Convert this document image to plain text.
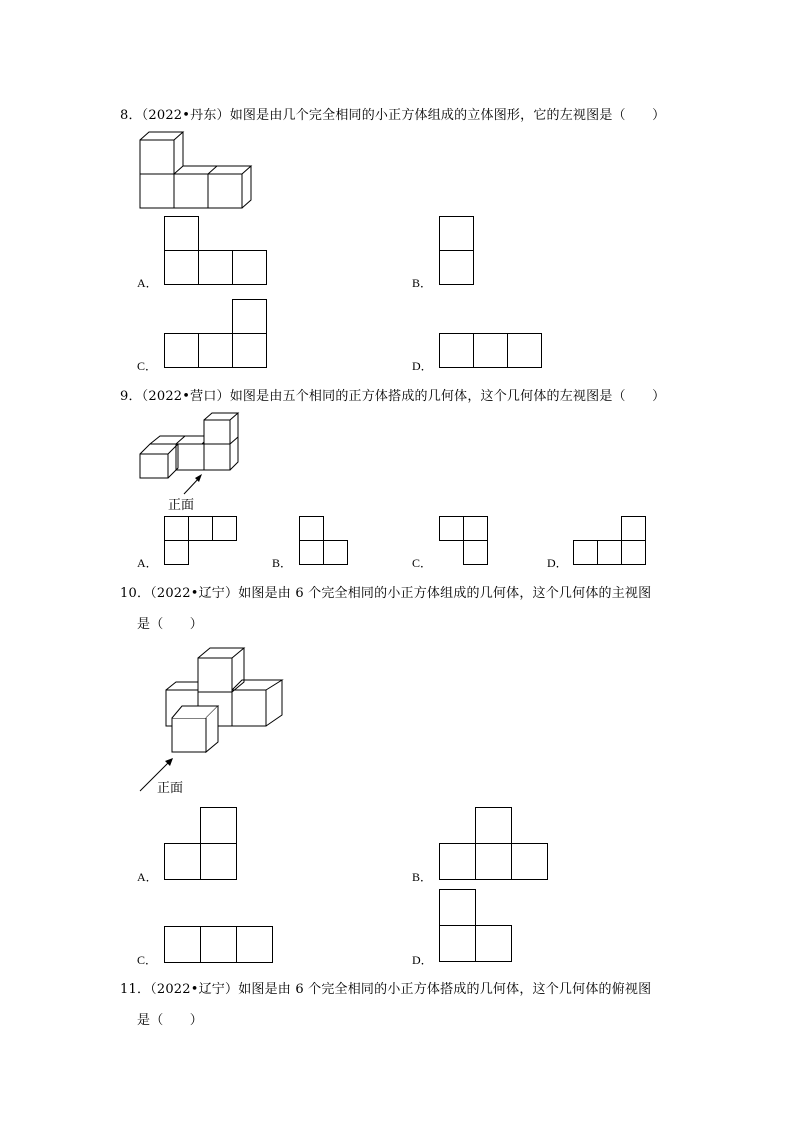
8．（2022•丹东）如图是由几个完全相同的小正方体组成的立体图形，它的左视图是（　　）
A．	B．
C．	D．
9．（2022•营口）如图是由五个相同的正方体搭成的几何体，这个几何体的左视图是（　　）
正面
A．	B．	C．	D．
10．（2022•辽宁）如图是由 6 个完全相同的小正方体组成的几何体，这个几何体的主视图
是（　　）
正面
A．	B．
C．	D．
11．（2022•辽宁）如图是由 6 个完全相同的小正方体搭成的几何体，这个几何体的俯视图
是（　　）
